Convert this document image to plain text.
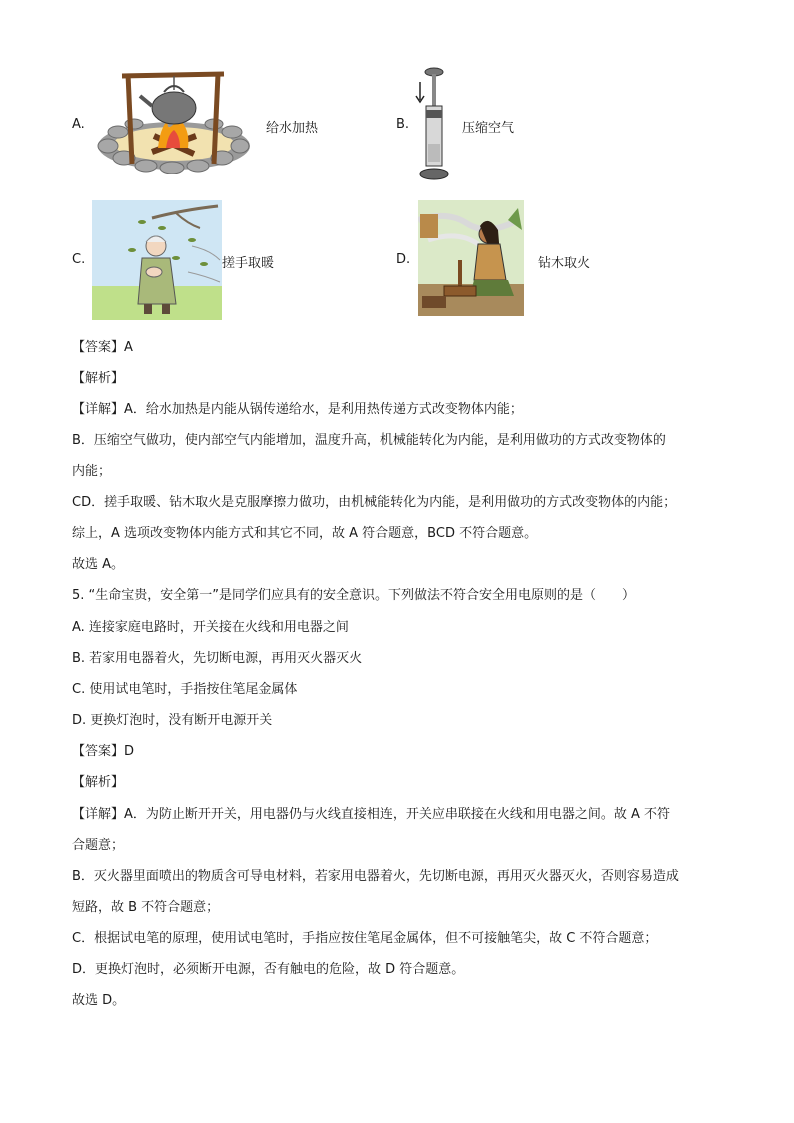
A.	给水加热	B.	压缩空气
C.	搓手取暖	D.	钻木取火
【答案】A
【解析】
【详解】A．给水加热是内能从锅传递给水，是利用热传递方式改变物体内能；
B．压缩空气做功，使内部空气内能增加，温度升高，机械能转化为内能，是利用做功的方式改变物体的
内能；
CD．搓手取暖、钻木取火是克服摩擦力做功，由机械能转化为内能，是利用做功的方式改变物体的内能；
综上，A 选项改变物体内能方式和其它不同，故 A 符合题意，BCD 不符合题意。
故选 A。
5. “生命宝贵，安全第一”是同学们应具有的安全意识。下列做法不符合安全用电原则的是（　　）
A. 连接家庭电路时，开关接在火线和用电器之间
B. 若家用电器着火，先切断电源，再用灭火器灭火
C. 使用试电笔时，手指按住笔尾金属体
D. 更换灯泡时，没有断开电源开关
【答案】D
【解析】
【详解】A．为防止断开开关，用电器仍与火线直接相连，开关应串联接在火线和用电器之间。故 A 不符
合题意；
B．灭火器里面喷出的物质含可导电材料，若家用电器着火，先切断电源，再用灭火器灭火，否则容易造成
短路，故 B 不符合题意；
C．根据试电笔的原理，使用试电笔时，手指应按住笔尾金属体，但不可接触笔尖，故 C 不符合题意；
D．更换灯泡时，必须断开电源，否有触电的危险，故 D 符合题意。
故选 D。
